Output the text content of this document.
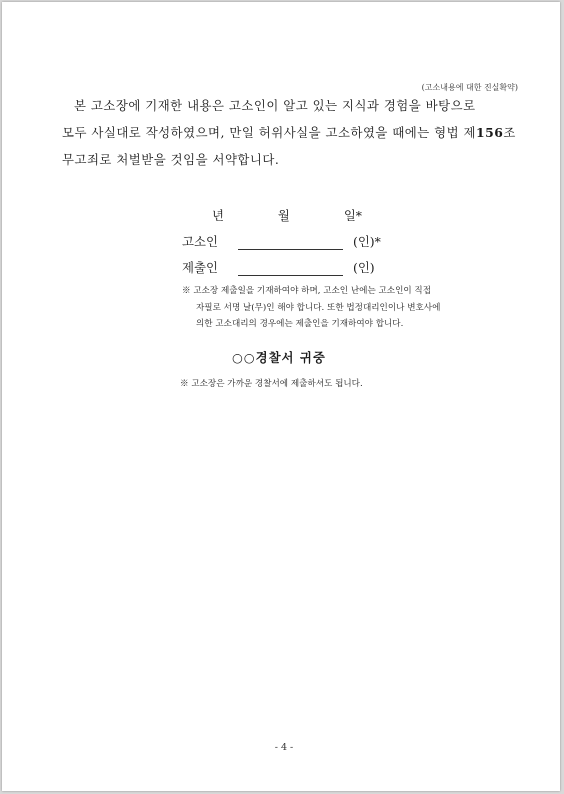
(고소내용에 대한 진실확약)
본 고소장에 기재한 내용은 고소인이 알고 있는 지식과 경험을 바탕으로
모두 사실대로 작성하였으며, 만일 허위사실을 고소하였을 때에는 형법 제156조
무고죄로 처벌받을 것임을 서약합니다.
년	월	일*
고소인	(인)*
제출인	(인)
※ 고소장 제출일을 기재하여야 하며, 고소인 난에는 고소인이 직접
자필로 서명 날(무)인 해야 합니다. 또한 법정대리인이나 변호사에
의한 고소대리의 경우에는 제출인을 기재하여야 합니다.
○○경찰서 귀중
※ 고소장은 가까운 경찰서에 제출하셔도 됩니다.
- 4 -
